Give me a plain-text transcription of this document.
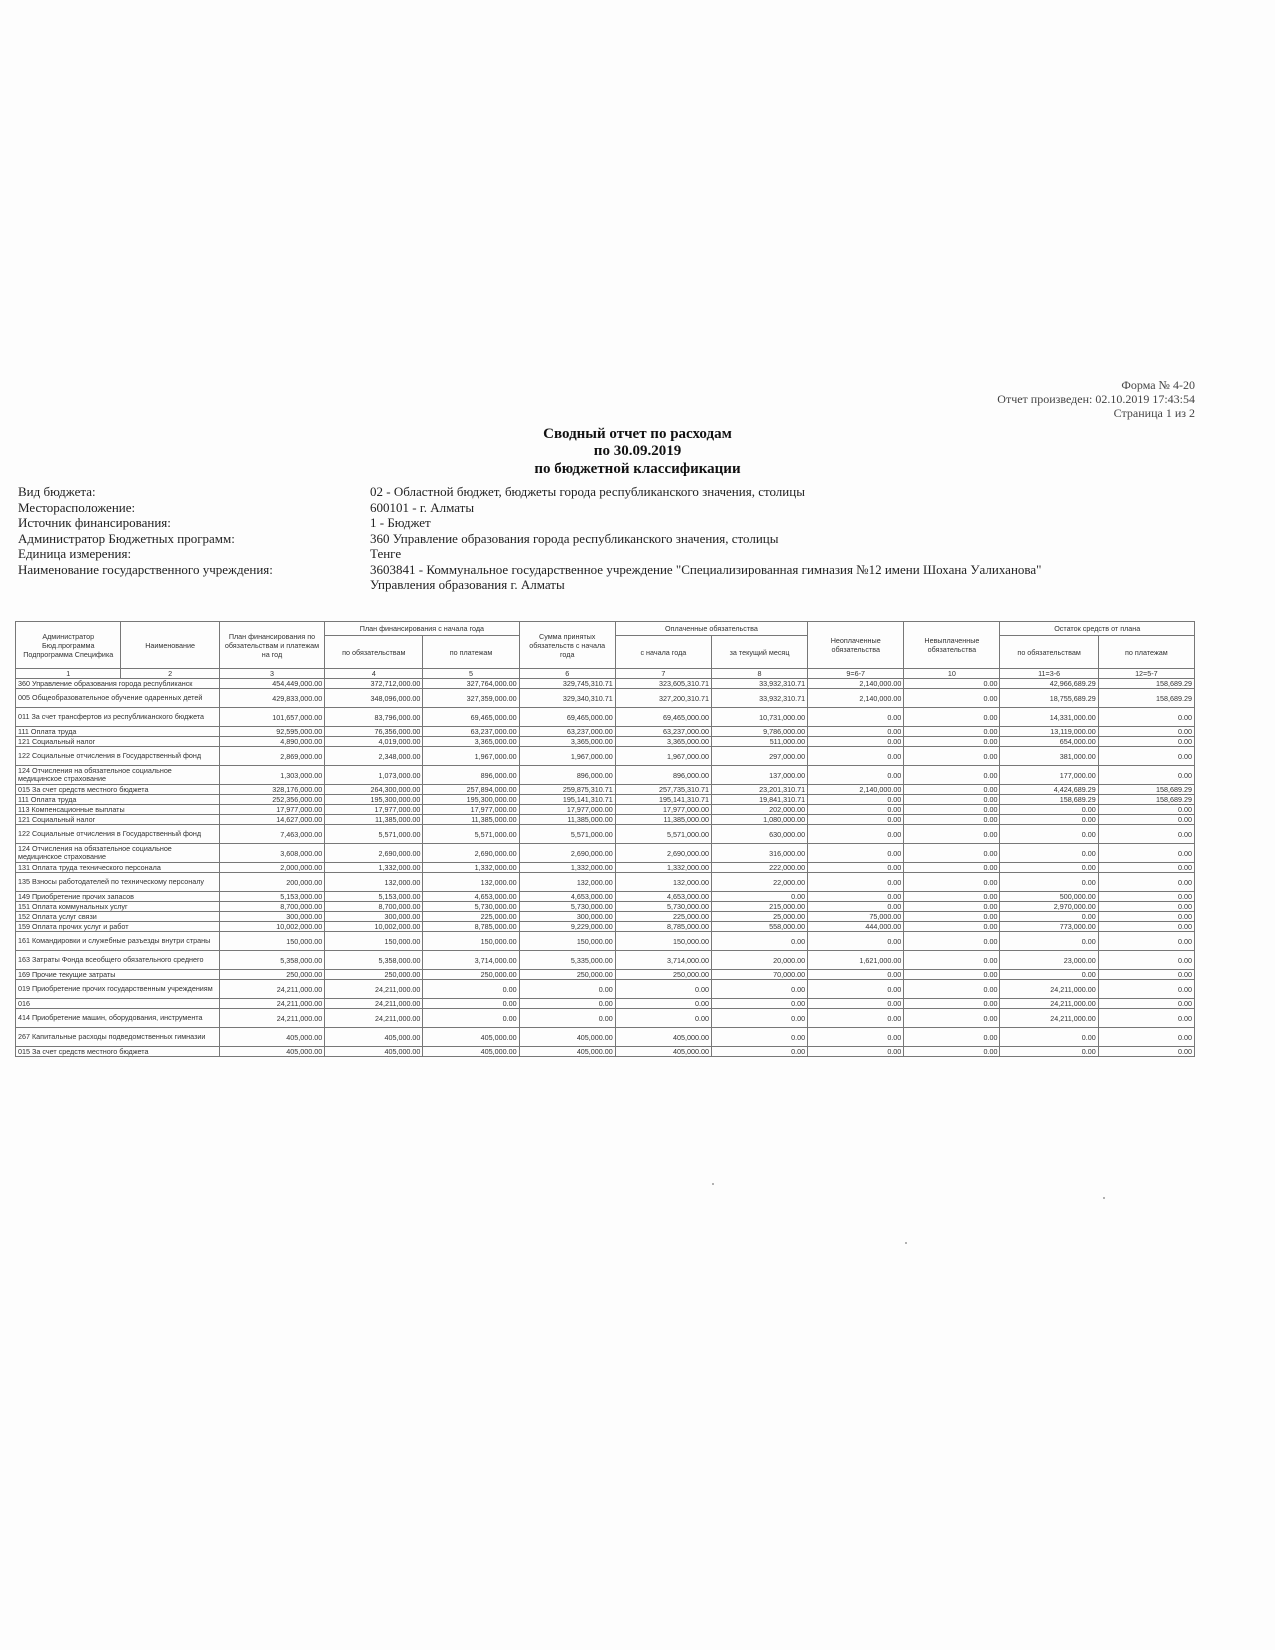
Форма № 4-20
Отчет произведен: 02.10.2019 17:43:54
Страница 1 из 2
Сводный отчет по расходам
по 30.09.2019
по бюджетной классификации
Вид бюджета:	02 - Областной бюджет, бюджеты города республиканского значения, столицы
Месторасположение:	600101 - г. Алматы
Источник финансирования:	1 - Бюджет
Администратор Бюджетных программ:	360 Управление образования города республиканского значения, столицы
Единица измерения:	Тенге
Наименование государственного учреждения:	3603841 - Коммунальное государственное учреждение "Специализированная гимназия №12 имени Шохана Уалиханова"
Управления образования г. Алматы
Администратор Бюд.программа Подпрограмма Специфика	Наименование	План финансирования по обязательствам и платежам на год	План финансирования с начала года		Сумма принятых обязательств с начала года	Оплаченные обязательства		Неоплаченные обязательства	Невыплаченные обязательства	Остаток средств от плана	
			по обязательствам	по платежам		с начала года	за текущий месяц			по обязательствам	по платежам
1	2	3	4	5	6	7	8	9=6-7	10	11=3-6	12=5-7
360 Управление образования города республиканск		454,449,000.00	372,712,000.00	327,764,000.00	329,745,310.71	323,605,310.71	33,932,310.71	2,140,000.00	0.00	42,966,689.29	158,689.29
005 Общеобразовательное обучение одаренных детей		429,833,000.00	348,096,000.00	327,359,000.00	329,340,310.71	327,200,310.71	33,932,310.71	2,140,000.00	0.00	18,755,689.29	158,689.29
011 За счет трансфертов из республиканского бюджета		101,657,000.00	83,796,000.00	69,465,000.00	69,465,000.00	69,465,000.00	10,731,000.00	0.00	0.00	14,331,000.00	0.00
111 Оплата труда		92,595,000.00	76,356,000.00	63,237,000.00	63,237,000.00	63,237,000.00	9,786,000.00	0.00	0.00	13,119,000.00	0.00
121 Социальный налог		4,890,000.00	4,019,000.00	3,365,000.00	3,365,000.00	3,365,000.00	511,000.00	0.00	0.00	654,000.00	0.00
122 Социальные отчисления в Государственный фонд		2,869,000.00	2,348,000.00	1,967,000.00	1,967,000.00	1,967,000.00	297,000.00	0.00	0.00	381,000.00	0.00
124 Отчисления на обязательное социальное медицинское страхование		1,303,000.00	1,073,000.00	896,000.00	896,000.00	896,000.00	137,000.00	0.00	0.00	177,000.00	0.00
015 За счет средств местного бюджета		328,176,000.00	264,300,000.00	257,894,000.00	259,875,310.71	257,735,310.71	23,201,310.71	2,140,000.00	0.00	4,424,689.29	158,689.29
111 Оплата труда		252,356,000.00	195,300,000.00	195,300,000.00	195,141,310.71	195,141,310.71	19,841,310.71	0.00	0.00	158,689.29	158,689.29
113 Компенсационные выплаты		17,977,000.00	17,977,000.00	17,977,000.00	17,977,000.00	17,977,000.00	202,000.00	0.00	0.00	0.00	0.00
121 Социальный налог		14,627,000.00	11,385,000.00	11,385,000.00	11,385,000.00	11,385,000.00	1,080,000.00	0.00	0.00	0.00	0.00
122 Социальные отчисления в Государственный фонд		7,463,000.00	5,571,000.00	5,571,000.00	5,571,000.00	5,571,000.00	630,000.00	0.00	0.00	0.00	0.00
124 Отчисления на обязательное социальное медицинское страхование		3,608,000.00	2,690,000.00	2,690,000.00	2,690,000.00	2,690,000.00	316,000.00	0.00	0.00	0.00	0.00
131 Оплата труда технического персонала		2,000,000.00	1,332,000.00	1,332,000.00	1,332,000.00	1,332,000.00	222,000.00	0.00	0.00	0.00	0.00
135 Взносы работодателей по техническому персоналу		200,000.00	132,000.00	132,000.00	132,000.00	132,000.00	22,000.00	0.00	0.00	0.00	0.00
149 Приобретение прочих запасов		5,153,000.00	5,153,000.00	4,653,000.00	4,653,000.00	4,653,000.00	0.00	0.00	0.00	500,000.00	0.00
151 Оплата коммунальных услуг		8,700,000.00	8,700,000.00	5,730,000.00	5,730,000.00	5,730,000.00	215,000.00	0.00	0.00	2,970,000.00	0.00
152 Оплата услуг связи		300,000.00	300,000.00	225,000.00	300,000.00	225,000.00	25,000.00	75,000.00	0.00	0.00	0.00
159 Оплата прочих услуг и работ		10,002,000.00	10,002,000.00	8,785,000.00	9,229,000.00	8,785,000.00	558,000.00	444,000.00	0.00	773,000.00	0.00
161 Командировки и служебные разъезды внутри страны		150,000.00	150,000.00	150,000.00	150,000.00	150,000.00	0.00	0.00	0.00	0.00	0.00
163 Затраты Фонда всеобщего обязательного среднего		5,358,000.00	5,358,000.00	3,714,000.00	5,335,000.00	3,714,000.00	20,000.00	1,621,000.00	0.00	23,000.00	0.00
169 Прочие текущие затраты		250,000.00	250,000.00	250,000.00	250,000.00	250,000.00	70,000.00	0.00	0.00	0.00	0.00
019 Приобретение прочих государственным учреждениям		24,211,000.00	24,211,000.00	0.00	0.00	0.00	0.00	0.00	0.00	24,211,000.00	0.00
016		24,211,000.00	24,211,000.00	0.00	0.00	0.00	0.00	0.00	0.00	24,211,000.00	0.00
414 Приобретение машин, оборудования, инструмента		24,211,000.00	24,211,000.00	0.00	0.00	0.00	0.00	0.00	0.00	24,211,000.00	0.00
267 Капитальные расходы подведомственных гимназии		405,000.00	405,000.00	405,000.00	405,000.00	405,000.00	0.00	0.00	0.00	0.00	0.00
015 За счет средств местного бюджета		405,000.00	405,000.00	405,000.00	405,000.00	405,000.00	0.00	0.00	0.00	0.00	0.00
